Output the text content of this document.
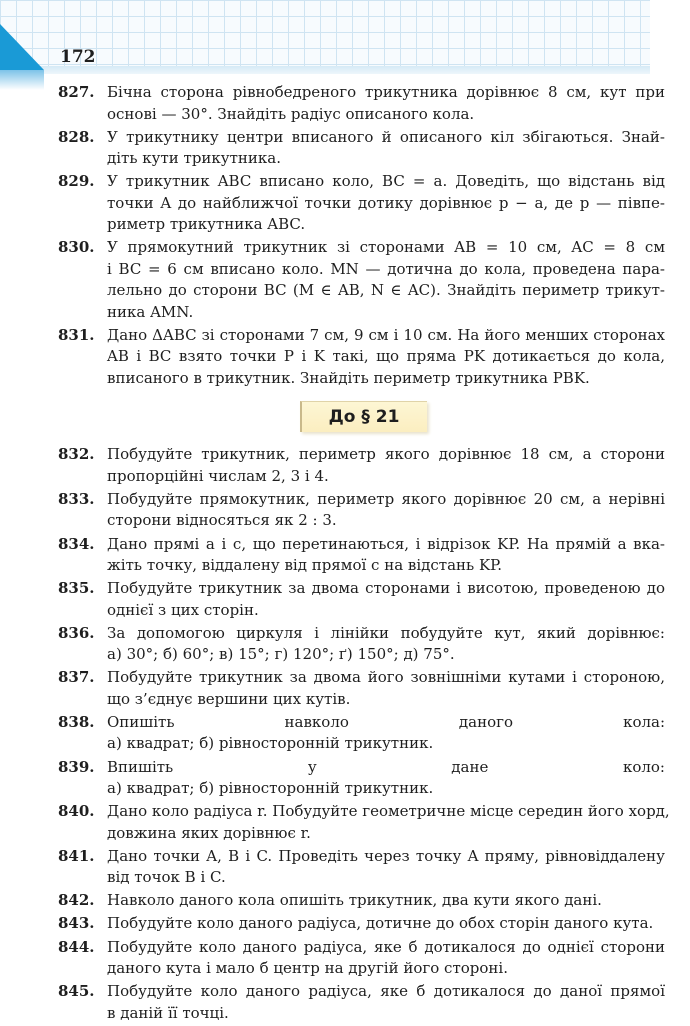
172
827. Бічна сторона рівнобедреного трикутника дорівнює 8 см, кут при
основі — 30°. Знайдіть радіус описаного кола.
828. У трикутнику центри вписаного й описаного кіл збігаються. Знай-
діть кути трикутника.
829. У трикутник ABC вписано коло, BC = a. Доведіть, що відстань від
точки A до найближчої точки дотику дорівнює p − a, де p — півпе-
риметр трикутника ABC.
830. У прямокутний трикутник зі сторонами AB = 10 см, AC = 8 см
і BC = 6 см вписано коло. MN — дотична до кола, проведена пара-
лельно до сторони BC (M ∈ AB, N ∈ AC). Знайдіть периметр трикут-
ника AMN.
831. Дано ΔABC зі сторонами 7 см, 9 см і 10 см. На його менших сторонах
AB і BC взято точки P і K такі, що пряма PK дотикається до кола,
вписаного в трикутник. Знайдіть периметр трикутника PBK.
До § 21
832. Побудуйте трикутник, периметр якого дорівнює 18 см, а сторони
пропорційні числам 2, 3 і 4.
833. Побудуйте прямокутник, периметр якого дорівнює 20 см, а нерівні
сторони відносяться як 2 : 3.
834. Дано прямі a і c, що перетинаються, і відрізок KP. На прямій a вка-
жіть точку, віддалену від прямої c на відстань KP.
835. Побудуйте трикутник за двома сторонами і висотою, проведеною до
однієї з цих сторін.
836. За допомогою циркуля і лінійки побудуйте кут, який дорівнює:
а) 30°; б) 60°; в) 15°; г) 120°; ґ) 150°; д) 75°.
837. Побудуйте трикутник за двома його зовнішніми кутами і стороною,
що з’єднує вершини цих кутів.
838. Опишіть навколо даного кола:
а) квадрат; б) рівносторонній трикутник.
839. Впишіть у дане коло:
а) квадрат; б) рівносторонній трикутник.
840. Дано коло радіуса r. Побудуйте геометричне місце середин його хорд,
довжина яких дорівнює r.
841. Дано точки A, B і C. Проведіть через точку A пряму, рівновіддалену
від точок B і C.
842. Навколо даного кола опишіть трикутник, два кути якого дані.
843. Побудуйте коло даного радіуса, дотичне до обох сторін даного кута.
844. Побудуйте коло даного радіуса, яке б дотикалося до однієї сторони
даного кута і мало б центр на другій його стороні.
845. Побудуйте коло даного радіуса, яке б дотикалося до даної прямої
в даній її точці.
